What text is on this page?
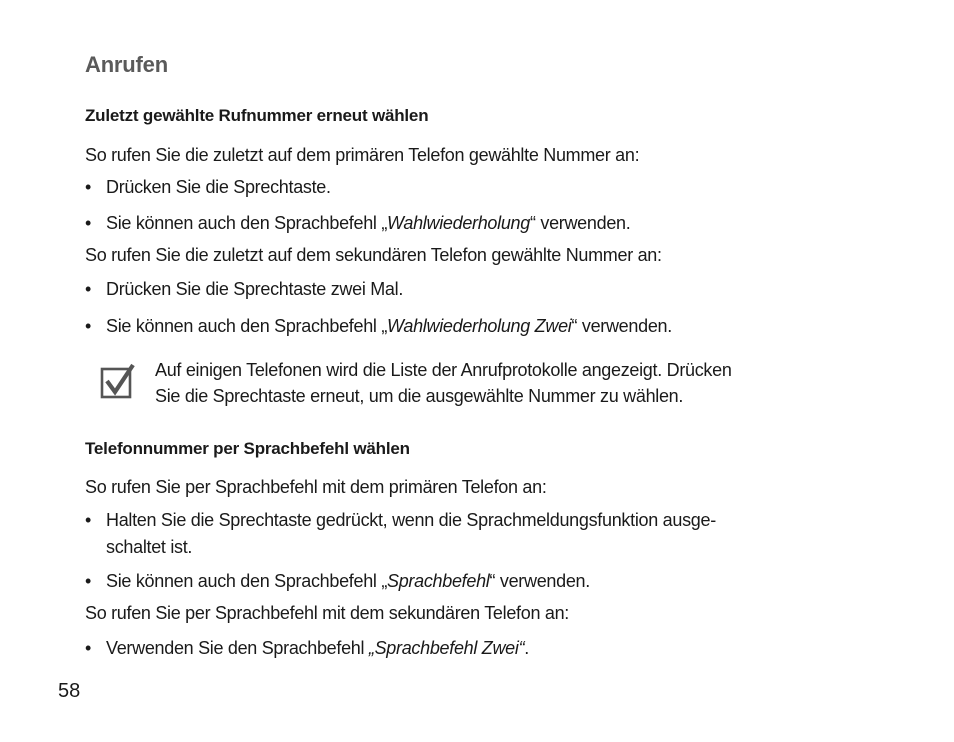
Anrufen
Zuletzt gewählte Rufnummer erneut wählen
So rufen Sie die zuletzt auf dem primären Telefon gewählte Nummer an:
• Drücken Sie die Sprechtaste.
• Sie können auch den Sprachbefehl „Wahlwiederholung“ verwenden.
So rufen Sie die zuletzt auf dem sekundären Telefon gewählte Nummer an:
• Drücken Sie die Sprechtaste zwei Mal.
• Sie können auch den Sprachbefehl „Wahlwiederholung Zwei“ verwenden.
Auf einigen Telefonen wird die Liste der Anrufprotokolle angezeigt. Drücken
Sie die Sprechtaste erneut, um die ausgewählte Nummer zu wählen.
Telefonnummer per Sprachbefehl wählen
So rufen Sie per Sprachbefehl mit dem primären Telefon an:
• Halten Sie die Sprechtaste gedrückt, wenn die Sprachmeldungsfunktion ausge-
schaltet ist.
• Sie können auch den Sprachbefehl „Sprachbefehl“ verwenden.
So rufen Sie per Sprachbefehl mit dem sekundären Telefon an:
• Verwenden Sie den Sprachbefehl „Sprachbefehl Zwei“.
58
